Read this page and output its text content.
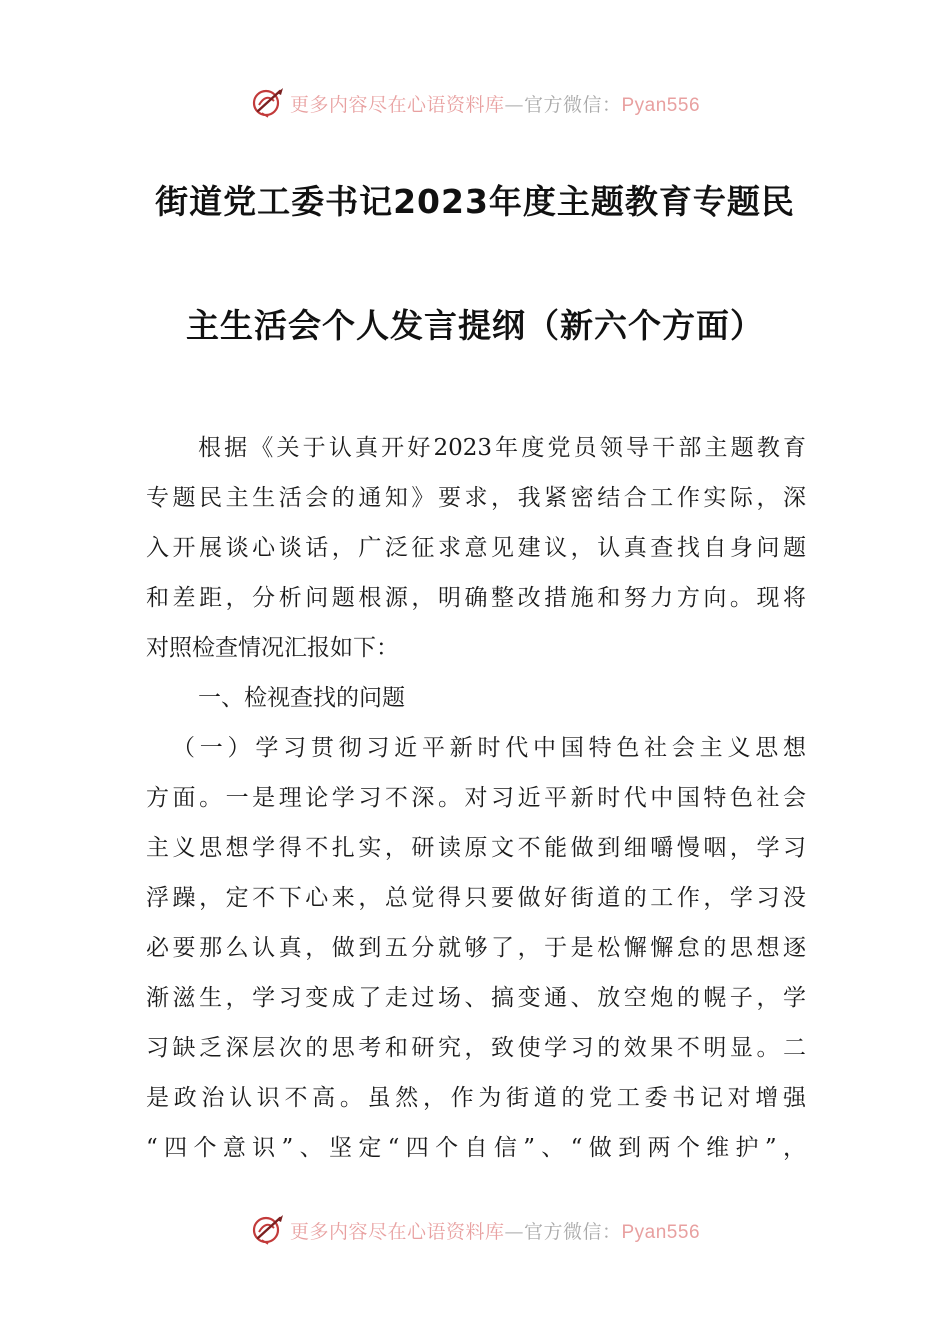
更多内容尽在心语资料库—官方微信：Pyan556
街道党工委书记2023年度主题教育专题民
主生活会个人发言提纲（新六个方面）
根据《关于认真开好2023年度党员领导干部主题教育
专题民主生活会的通知》要求，我紧密结合工作实际，深
入开展谈心谈话，广泛征求意见建议，认真查找自身问题
和差距，分析问题根源，明确整改措施和努力方向。现将
对照检查情况汇报如下：
一、检视查找的问题
（一）学习贯彻习近平新时代中国特色社会主义思想
方面。一是理论学习不深。对习近平新时代中国特色社会
主义思想学得不扎实，研读原文不能做到细嚼慢咽，学习
浮躁，定不下心来，总觉得只要做好街道的工作，学习没
必要那么认真，做到五分就够了，于是松懈懈怠的思想逐
渐滋生，学习变成了走过场、搞变通、放空炮的幌子，学
习缺乏深层次的思考和研究，致使学习的效果不明显。二
是政治认识不高。虽然，作为街道的党工委书记对增强
“四个意识”、坚定“四个自信”、“做到两个维护”，
更多内容尽在心语资料库—官方微信：Pyan556
